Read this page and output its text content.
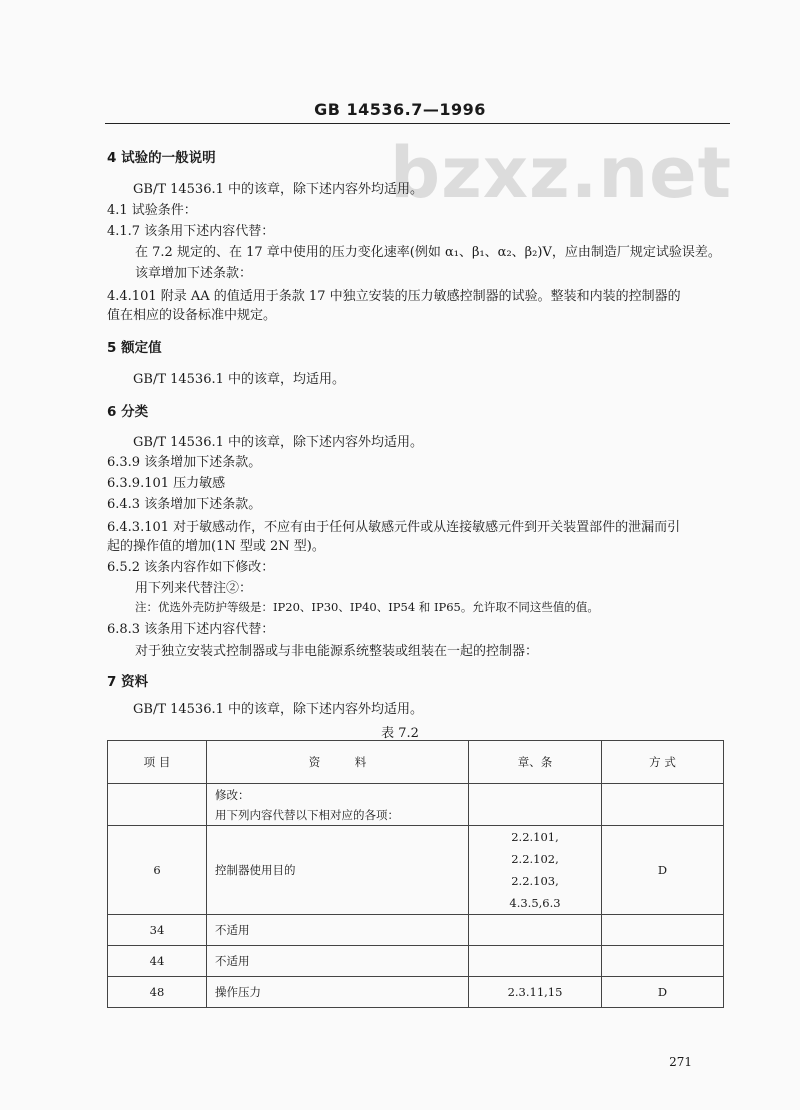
GB 14536.7—1996
bzxz.net
4 试验的一般说明
GB/T 14536.1 中的该章，除下述内容外均适用。
4.1 试验条件：
4.1.7 该条用下述内容代替：
在 7.2 规定的、在 17 章中使用的压力变化速率(例如 α₁、β₁、α₂、β₂)V，应由制造厂规定试验误差。
该章增加下述条款：
4.4.101 附录 AA 的值适用于条款 17 中独立安装的压力敏感控制器的试验。整装和内装的控制器的
值在相应的设备标准中规定。
5 额定值
GB/T 14536.1 中的该章，均适用。
6 分类
GB/T 14536.1 中的该章，除下述内容外均适用。
6.3.9 该条增加下述条款。
6.3.9.101 压力敏感
6.4.3 该条增加下述条款。
6.4.3.101 对于敏感动作，不应有由于任何从敏感元件或从连接敏感元件到开关装置部件的泄漏而引
起的操作值的增加(1N 型或 2N 型)。
6.5.2 该条内容作如下修改：
用下列来代替注②：
注：优选外壳防护等级是：IP20、IP30、IP40、IP54 和 IP65。允许取不同这些值的值。
6.8.3 该条用下述内容代替：
对于独立安装式控制器或与非电能源系统整装或组装在一起的控制器：
7 资料
GB/T 14536.1 中的该章，除下述内容外均适用。
表 7.2
项 目	资　　　料	章、条	方 式

	修改：
用下列内容代替以下相对应的各项：		

6	控制器使用目的	2.2.101,
2.2.102,
2.2.103,
4.3.5,6.3	D
34	不适用		
44	不适用		
48	操作压力	2.3.11,15	D
271
